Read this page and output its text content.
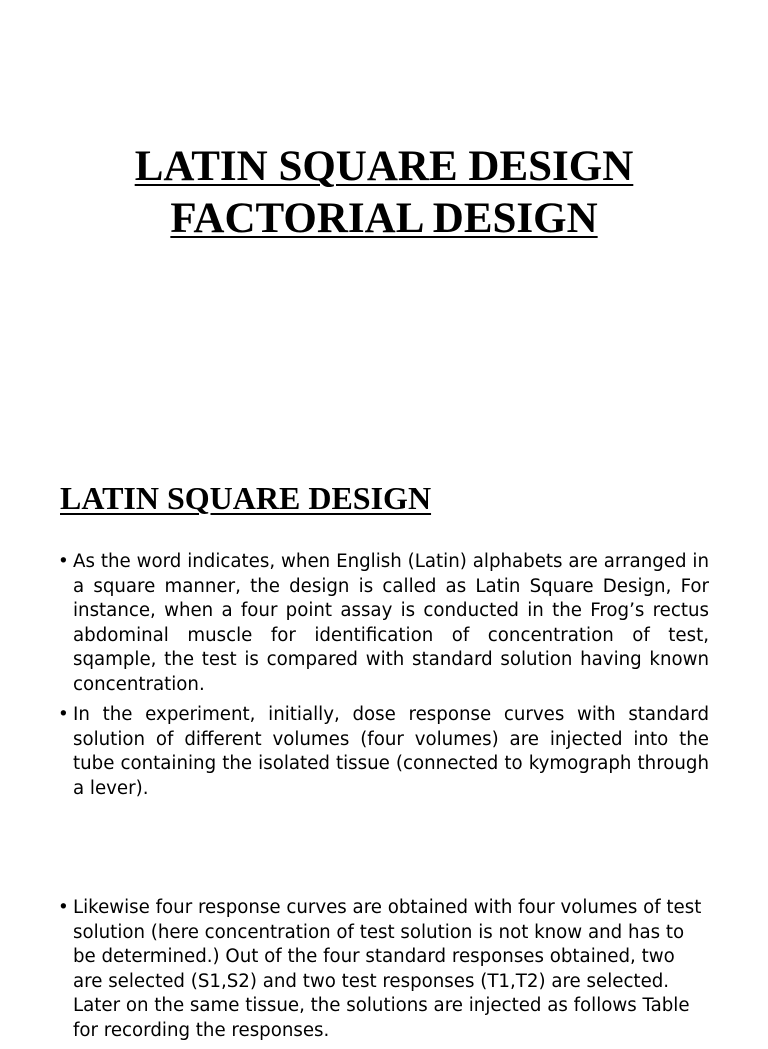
LATIN SQUARE DESIGN
FACTORIAL DESIGN
LATIN SQUARE DESIGN
• As the word indicates, when English (Latin) alphabets are arranged in a square manner, the design is called as Latin Square Design, For instance, when a four point assay is conducted in the Frog’s rectus abdominal muscle for identification of concentration of test, sqample, the test is compared with standard solution having known concentration.
• In the experiment, initially, dose response curves with standard solution of different volumes (four volumes) are injected into the tube containing the isolated tissue (connected to kymograph through a lever).
• Likewise four response curves are obtained with four volumes of test solution (here concentration of test solution is not know and has to be determined.) Out of the four standard responses obtained, two are selected (S1,S2) and two test responses (T1,T2) are selected. Later on the same tissue, the solutions are injected as follows Table for recording the responses.
